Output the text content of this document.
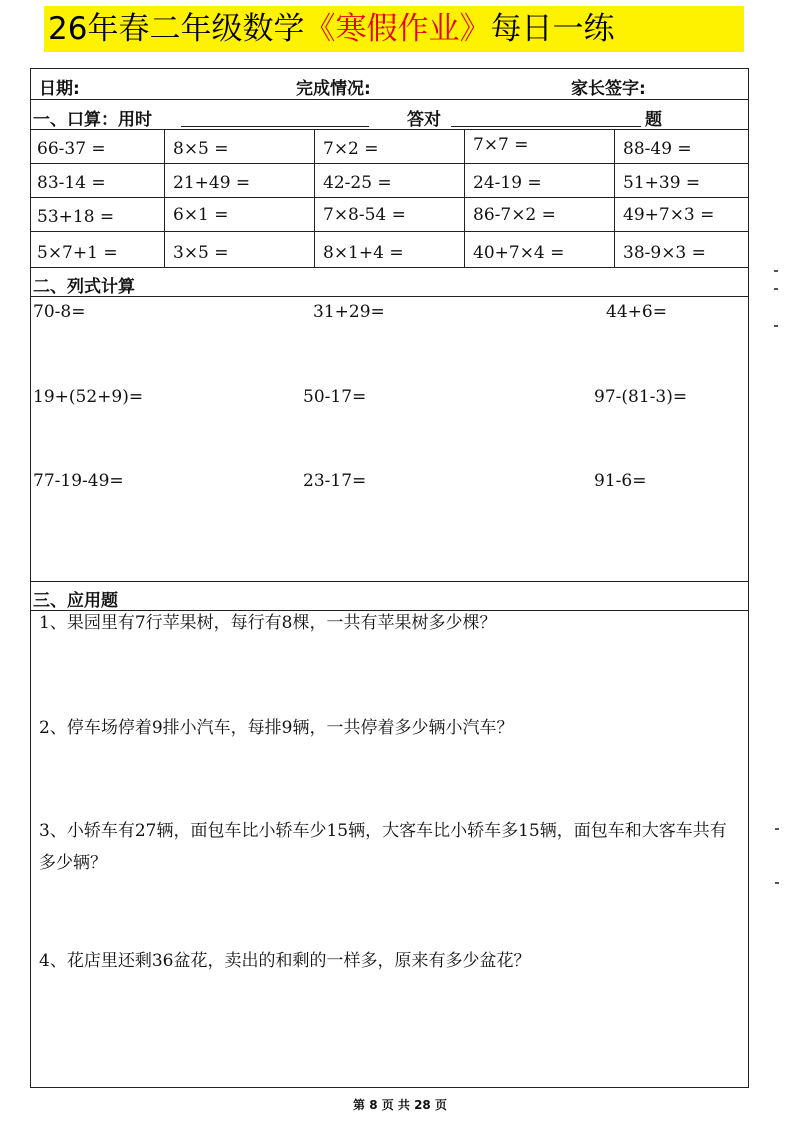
26年春二年级数学《寒假作业》每日一练
日期:	完成情况:	家长签字:
一、口算：用时	答对	题
66-37 =	8×5 =	7×2 =	7×7 =	88-49 =
83-14 =	21+49 =	42-25 =	24-19 =	51+39 =
53+18 =	6×1 =	7×8-54 =	86-7×2 =	49+7×3 =
5×7+1 =	3×5 =	8×1+4 =	40+7×4 =	38-9×3 =
二、列式计算
70-8=	31+29=	44+6=
19+(52+9)=	50-17=	97-(81-3)=
77-19-49=	23-17=	91-6=
三、应用题
1、果园里有7行苹果树，每行有8棵，一共有苹果树多少棵？
2、停车场停着9排小汽车，每排9辆，一共停着多少辆小汽车？
3、小轿车有27辆，面包车比小轿车少15辆，大客车比小轿车多15辆，面包车和大客车共有多少辆？
4、花店里还剩36盆花，卖出的和剩的一样多，原来有多少盆花？
第 8 页 共 28 页
